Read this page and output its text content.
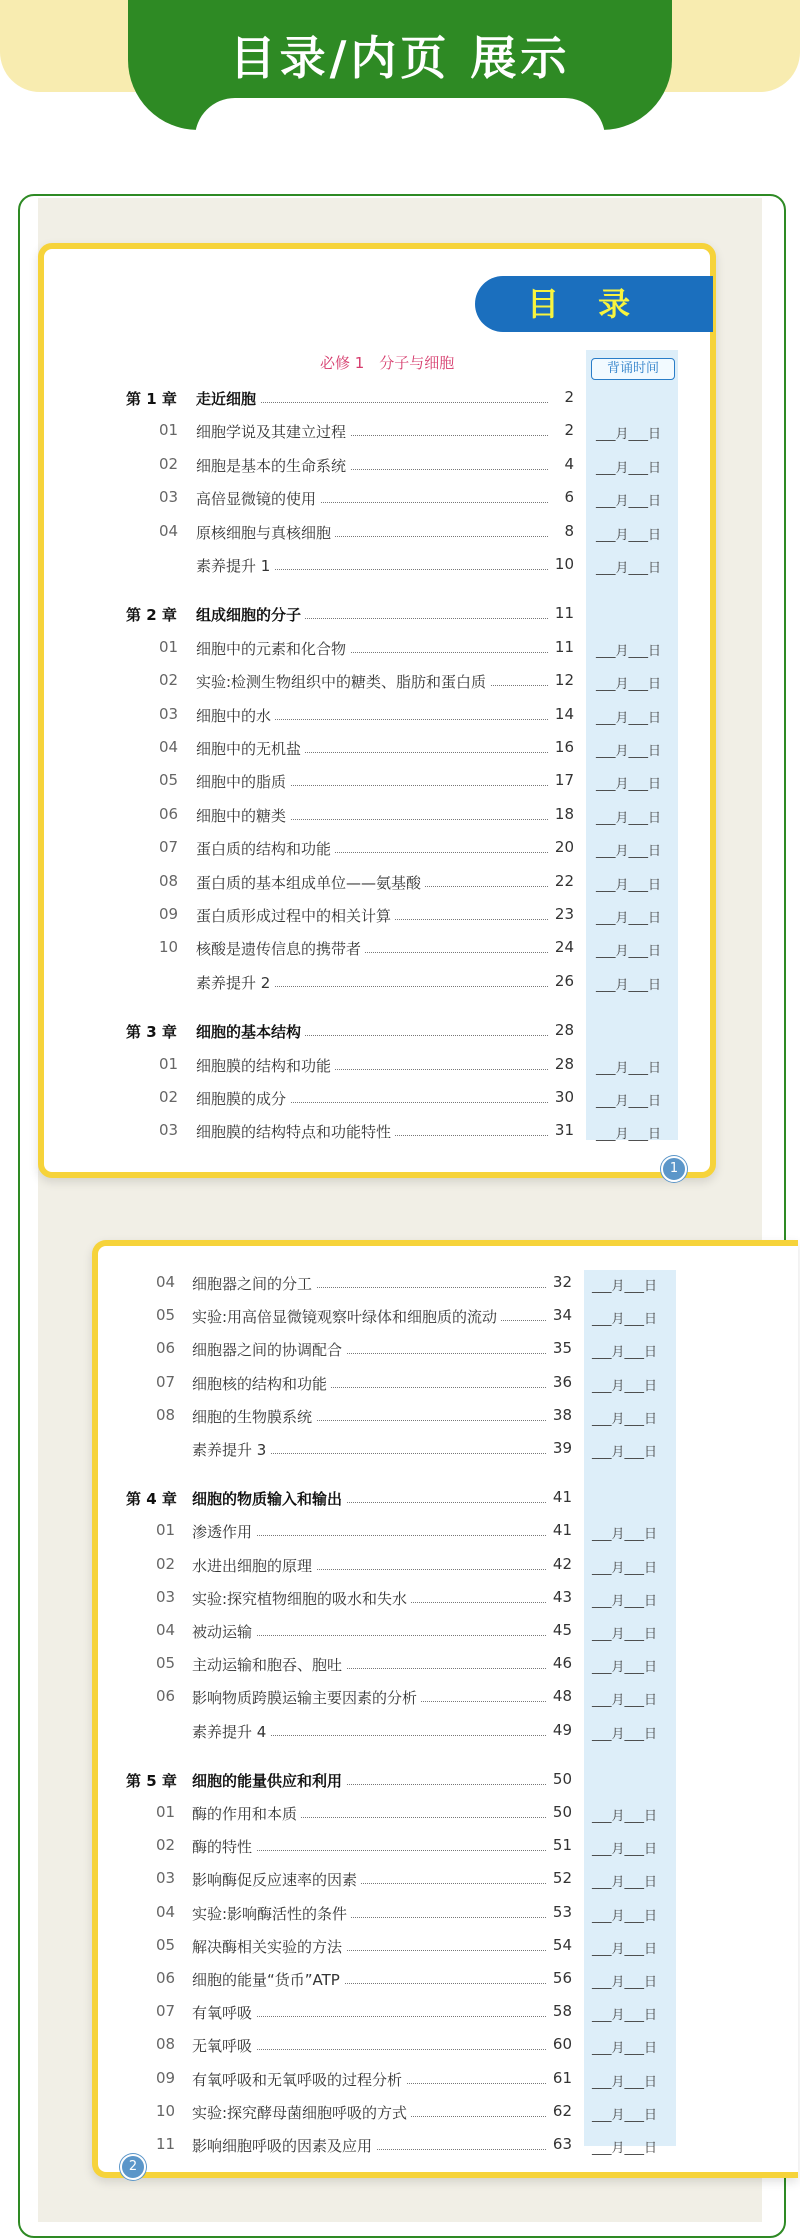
目录/内页 展示
目 录
必修 1　分子与细胞	背诵时间
第 1 章 走近细胞	2
01	细胞学说及其建立过程	2 ___月___日
02	细胞是基本的生命系统	4 ___月___日
03	高倍显微镜的使用	6 ___月___日
04	原核细胞与真核细胞	8 ___月___日
素养提升 1	10 ___月___日
第 2 章 组成细胞的分子	11
01	细胞中的元素和化合物	11 ___月___日
02	实验:检测生物组织中的糖类、脂肪和蛋白质	12 ___月___日
03	细胞中的水	14 ___月___日
04	细胞中的无机盐	16 ___月___日
05	细胞中的脂质	17 ___月___日
06	细胞中的糖类	18 ___月___日
07	蛋白质的结构和功能	20 ___月___日
08	蛋白质的基本组成单位——氨基酸	22 ___月___日
09	蛋白质形成过程中的相关计算	23 ___月___日
10	核酸是遗传信息的携带者	24 ___月___日
素养提升 2	26 ___月___日
第 3 章 细胞的基本结构	28
01	细胞膜的结构和功能	28 ___月___日
02	细胞膜的成分	30 ___月___日
03	细胞膜的结构特点和功能特性	31 ___月___日
1
04	细胞器之间的分工	32 ___月___日
05	实验:用高倍显微镜观察叶绿体和细胞质的流动	34 ___月___日
06	细胞器之间的协调配合	35 ___月___日
07	细胞核的结构和功能	36 ___月___日
08	细胞的生物膜系统	38 ___月___日
素养提升 3	39 ___月___日
第 4 章 细胞的物质输入和输出	41
01	渗透作用	41 ___月___日
02	水进出细胞的原理	42 ___月___日
03	实验:探究植物细胞的吸水和失水	43 ___月___日
04	被动运输	45 ___月___日
05	主动运输和胞吞、胞吐	46 ___月___日
06	影响物质跨膜运输主要因素的分析	48 ___月___日
素养提升 4	49 ___月___日
第 5 章 细胞的能量供应和利用	50
01	酶的作用和本质	50 ___月___日
02	酶的特性	51 ___月___日
03	影响酶促反应速率的因素	52 ___月___日
04	实验:影响酶活性的条件	53 ___月___日
05	解决酶相关实验的方法	54 ___月___日
06	细胞的能量“货币”ATP	56 ___月___日
07	有氧呼吸	58 ___月___日
08	无氧呼吸	60 ___月___日
09	有氧呼吸和无氧呼吸的过程分析	61 ___月___日
10	实验:探究酵母菌细胞呼吸的方式	62 ___月___日
11	影响细胞呼吸的因素及应用	63 ___月___日
2
